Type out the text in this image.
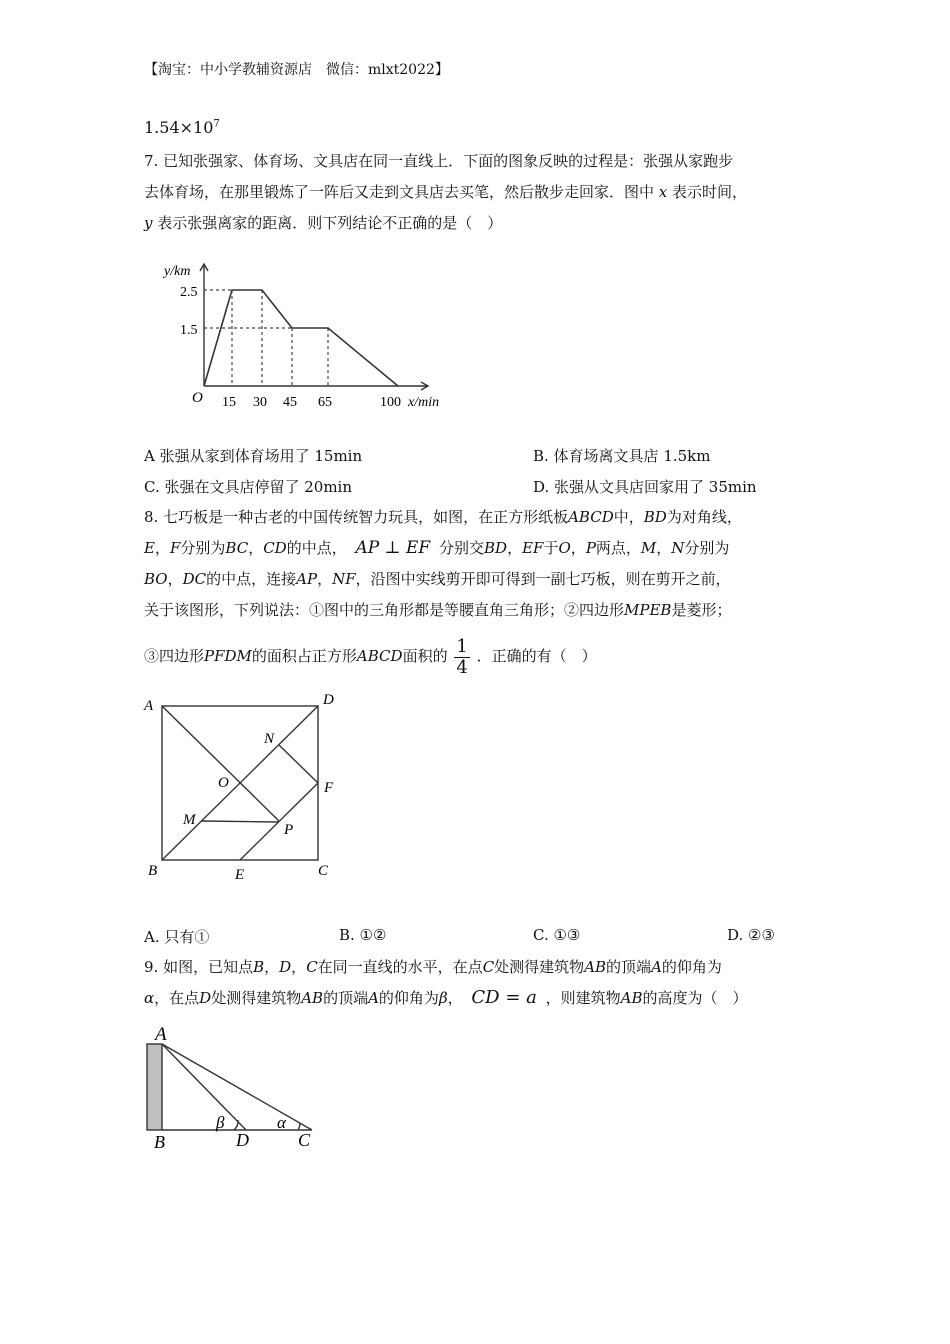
【淘宝：中小学教辅资源店　微信：mlxt2022】
$1.54\times 10^7$
7. 已知张强家、体育场、文具店在同一直线上．下面的图象反映的过程是：张强从家跑步
去体育场，在那里锻炼了一阵后又走到文具店去买笔，然后散步走回家．图中 x 表示时间，
y 表示张强离家的距离．则下列结论不正确的是（　）
y/km
2.5
1.5
O 15 30 45 65	100 x/min
A 张强从家到体育场用了 15min	B. 体育场离文具店 1.5km
C. 张强在文具店停留了 20min	D. 张强从文具店回家用了 35min
8. 七巧板是一种古老的中国传统智力玩具，如图，在正方形纸板ABCD中，BD为对角线，
E，F分别为BC，CD的中点， AP ⊥ EF 分别交BD，EF于O，P两点，M，N分别为
BO，DC的中点，连接AP，NF，沿图中实线剪开即可得到一副七巧板，则在剪开之前，
关于该图形，下列说法：①图中的三角形都是等腰直角三角形；②四边形MPEB是菱形；
③四边形PFDM的面积占正方形ABCD面积的 $\frac{1}{4}$ ．正确的有（　）
A	D
N
O	F
M
P
B	E	C
A. 只有①	B. ①②	C. ①③	D. ②③
9. 如图，已知点B，D，C在同一直线的水平，在点C处测得建筑物AB的顶端A的仰角为
α，在点D处测得建筑物AB的顶端A的仰角为β， CD = a ，则建筑物AB的高度为（　）
A
B	D	C
β	α
